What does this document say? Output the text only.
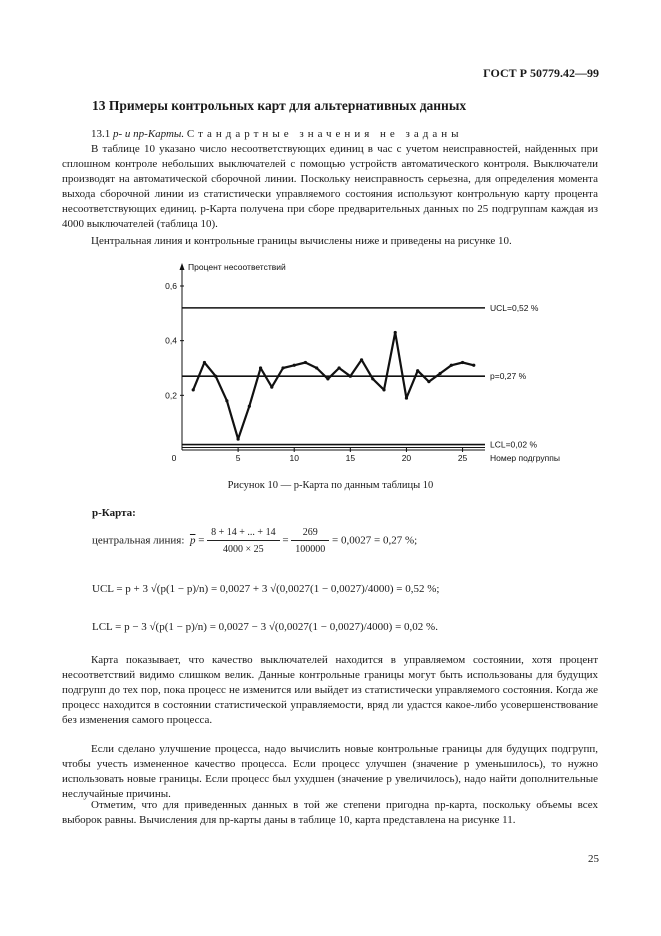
ГОСТ Р 50779.42—99
13 Примеры контрольных карт для альтернативных данных
13.1 p- и np-Карты. Стандартные значения не заданы
В таблице 10 указано число несоответствующих единиц в час с учетом неисправностей, найденных при сплошном контроле небольших выключателей с помощью устройств автоматического контроля. Выключатели производят на автоматической сборочной линии. Поскольку неисправность серьезна, для определения момента выхода сборочной линии из статистически управляемого состояния используют контрольную карту процента несоответствующих единиц. p-Карта получена при сборе предварительных данных по 25 подгруппам каждая из 4000 выключателей (таблица 10).
Центральная линия и контрольные границы вычислены ниже и приведены на рисунке 10.
Процент несоответствий
Номер подгруппы
0,2
0,4
0,6
0	5	10	15	20	25
UCL=0,52 %
p=0,27 %
LCL=0,02 %
Рисунок 10 — p-Карта по данным таблицы 10
p-Карта:
центральная линия: $\overline{p} = \frac{8 + 14 + ... + 14}{4000 \times 25} = \frac{269}{100000} = 0,0027 = 0,27$ %;
UCL = p + 3 √(p(1 − p)/n) = 0,0027 + 3 √(0,0027(1 − 0,0027)/4000) = 0,52 %;
LCL = p − 3 √(p(1 − p)/n) = 0,0027 − 3 √(0,0027(1 − 0,0027)/4000) = 0,02 %.
Карта показывает, что качество выключателей находится в управляемом состоянии, хотя процент несоответствий видимо слишком велик. Данные контрольные границы могут быть использованы для будущих подгрупп до тех пор, пока процесс не изменится или выйдет из статистически управляемого состояния. Когда же процесс находится в состоянии статистической управляемости, вряд ли удастся какое-либо усовершенствование без изменения самого процесса.
Если сделано улучшение процесса, надо вычислить новые контрольные границы для будущих подгрупп, чтобы учесть измененное качество процесса. Если процесс улучшен (значение p уменьшилось), то нужно использовать новые границы. Если процесс был ухудшен (значение p увеличилось), надо найти дополнительные неслучайные причины.
Отметим, что для приведенных данных в той же степени пригодна np-карта, поскольку объемы всех выборок равны. Вычисления для np-карты даны в таблице 10, карта представлена на рисунке 11.
25
